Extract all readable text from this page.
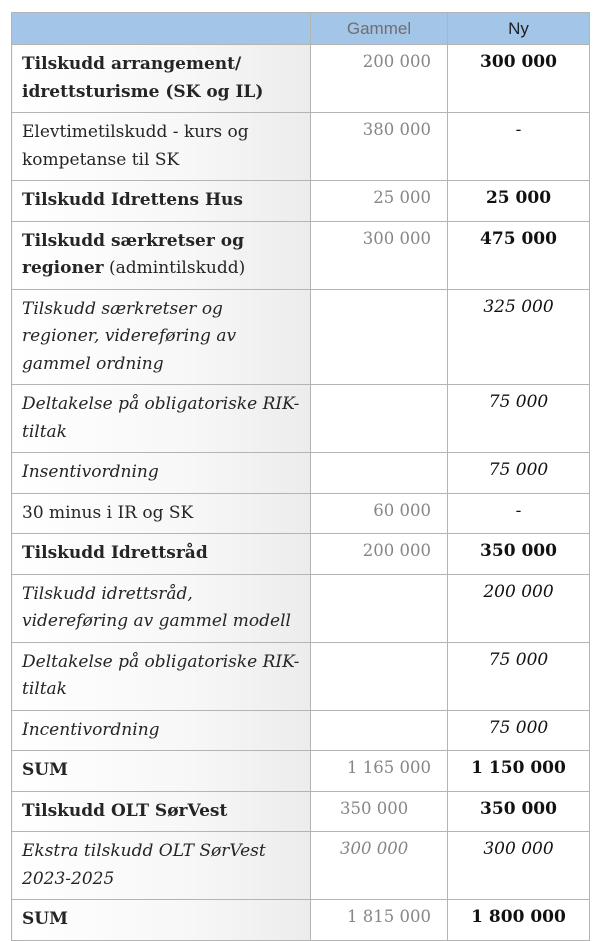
	Gammel	Ny
Tilskudd arrangement/ idrettsturisme (SK og IL)	200 000	300 000
Elevtimetilskudd - kurs og kompetanse til SK	380 000	-
Tilskudd Idrettens Hus	25 000	25 000
Tilskudd særkretser og regioner (admintilskudd)	300 000	475 000
Tilskudd særkretser og regioner, videreføring av gammel ordning		325 000
Deltakelse på obligatoriske RIK-tiltak		75 000
Insentivordning		75 000
30 minus i IR og SK	60 000	-
Tilskudd Idrettsråd	200 000	350 000
Tilskudd idrettsråd, videreføring av gammel modell		200 000
Deltakelse på obligatoriske RIK-tiltak		75 000
Incentivordning		75 000
SUM	1 165 000	1 150 000
Tilskudd OLT SørVest	350 000	350 000
Ekstra tilskudd OLT SørVest 2023-2025	300 000	300 000
SUM	1 815 000	1 800 000
